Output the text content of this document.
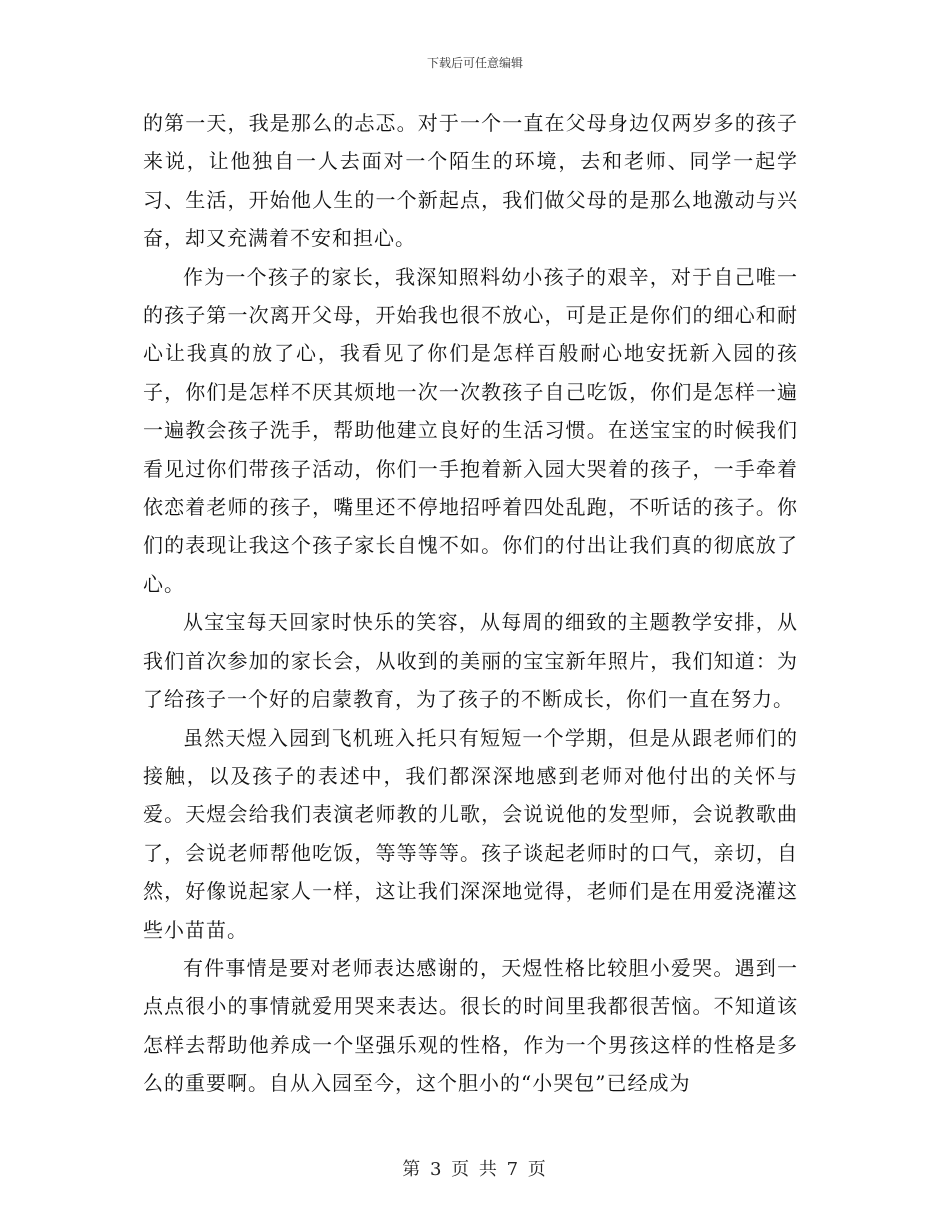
下载后可任意编辑

的第一天，我是那么的忐忑。对于一个一直在父母身边仅两岁多的孩子来说，让他独自一人去面对一个陌生的环境，去和老师、同学一起学习、生活，开始他人生的一个新起点，我们做父母的是那么地激动与兴奋，却又充满着不安和担心。

作为一个孩子的家长，我深知照料幼小孩子的艰辛，对于自己唯一的孩子第一次离开父母，开始我也很不放心，可是正是你们的细心和耐心让我真的放了心，我看见了你们是怎样百般耐心地安抚新入园的孩子，你们是怎样不厌其烦地一次一次教孩子自己吃饭，你们是怎样一遍一遍教会孩子洗手，帮助他建立良好的生活习惯。在送宝宝的时候我们看见过你们带孩子活动，你们一手抱着新入园大哭着的孩子，一手牵着依恋着老师的孩子，嘴里还不停地招呼着四处乱跑，不听话的孩子。你们的表现让我这个孩子家长自愧不如。你们的付出让我们真的彻底放了心。

从宝宝每天回家时快乐的笑容，从每周的细致的主题教学安排，从我们首次参加的家长会，从收到的美丽的宝宝新年照片，我们知道：为了给孩子一个好的启蒙教育，为了孩子的不断成长，你们一直在努力。

虽然天煜入园到飞机班入托只有短短一个学期，但是从跟老师们的接触，以及孩子的表述中，我们都深深地感到老师对他付出的关怀与爱。天煜会给我们表演老师教的儿歌，会说说他的发型师，会说教歌曲了，会说老师帮他吃饭，等等等等。孩子谈起老师时的口气，亲切，自然，好像说起家人一样，这让我们深深地觉得，老师们是在用爱浇灌这些小苗苗。

有件事情是要对老师表达感谢的，天煜性格比较胆小爱哭。遇到一点点很小的事情就爱用哭来表达。很长的时间里我都很苦恼。不知道该怎样去帮助他养成一个坚强乐观的性格，作为一个男孩这样的性格是多么的重要啊。自从入园至今，这个胆小的“小哭包”已经成为

第 3 页 共 7 页
